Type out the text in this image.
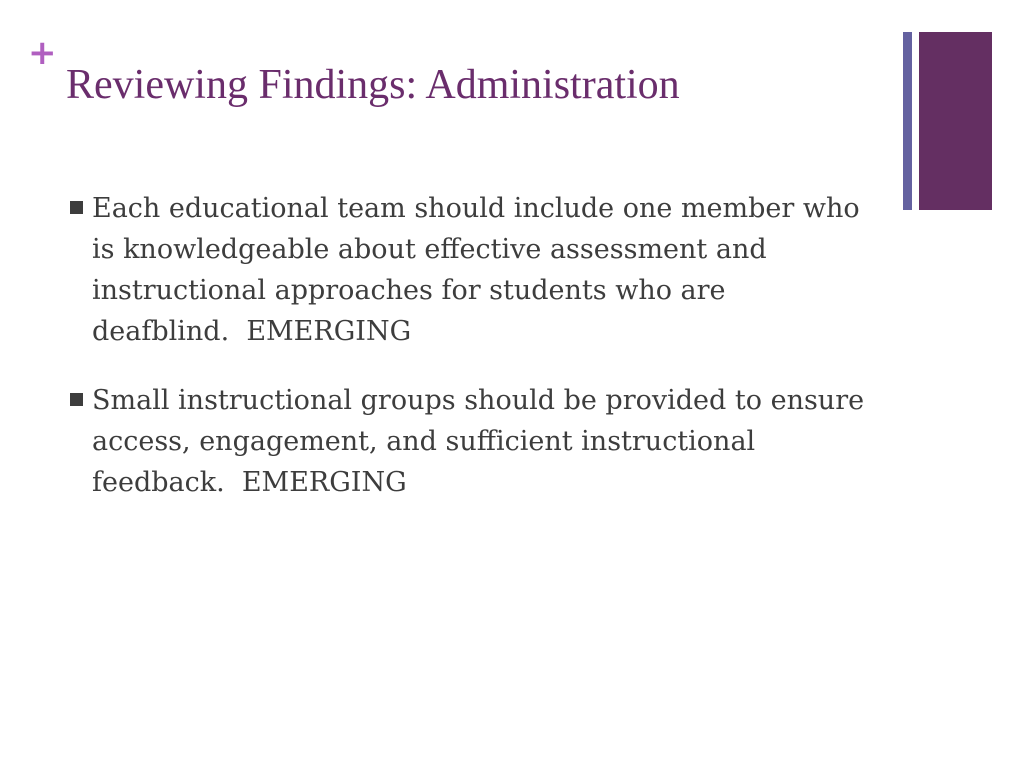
+
Reviewing Findings: Administration
Each educational team should include one member who is knowledgeable about effective assessment and instructional approaches for students who are deafblind.  EMERGING
Small instructional groups should be provided to ensure access, engagement, and sufficient instructional feedback.  EMERGING
